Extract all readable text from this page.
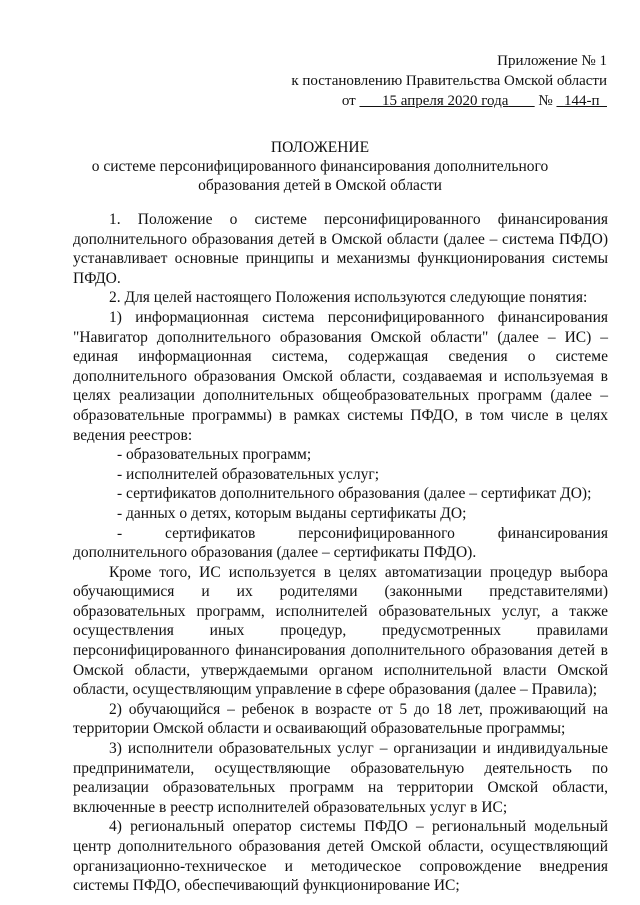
Приложение № 1
к постановлению Правительства Омской области
от 15 апреля 2020 года № 144-п
ПОЛОЖЕНИЕ
о системе персонифицированного финансирования дополнительного
образования детей в Омской области

1. Положение о системе персонифицированного финансирования дополнительного образования детей в Омской области (далее – система ПФДО) устанавливает основные принципы и механизмы функционирования системы ПФДО.

2. Для целей настоящего Положения используются следующие понятия:

1) информационная система персонифицированного финансирования "Навигатор дополнительного образования Омской области" (далее – ИС) – единая информационная система, содержащая сведения о системе дополнительного образования Омской области, создаваемая и используемая в целях реализации дополнительных общеобразовательных программ (далее – образовательные программы) в рамках системы ПФДО, в том числе в целях ведения реестров:

- образовательных программ;

- исполнителей образовательных услуг;

- сертификатов дополнительного образования (далее – сертификат ДО);

- данных о детях, которым выданы сертификаты ДО;

- сертификатов персонифицированного финансирования дополнительного образования (далее – сертификаты ПФДО).

Кроме того, ИС используется в целях автоматизации процедур выбора обучающимися и их родителями (законными представителями) образовательных программ, исполнителей образовательных услуг, а также осуществления иных процедур, предусмотренных правилами персонифицированного финансирования дополнительного образования детей в Омской области, утверждаемыми органом исполнительной власти Омской области, осуществляющим управление в сфере образования (далее – Правила);

2) обучающийся – ребенок в возрасте от 5 до 18 лет, проживающий на территории Омской области и осваивающий образовательные программы;

3) исполнители образовательных услуг – организации и индивидуальные предприниматели, осуществляющие образовательную деятельность по реализации образовательных программ на территории Омской области, включенные в реестр исполнителей образовательных услуг в ИС;

4) региональный оператор системы ПФДО – региональный модельный центр дополнительного образования детей Омской области, осуществляющий организационно-техническое и методическое сопровождение внедрения системы ПФДО, обеспечивающий функционирование ИС;
